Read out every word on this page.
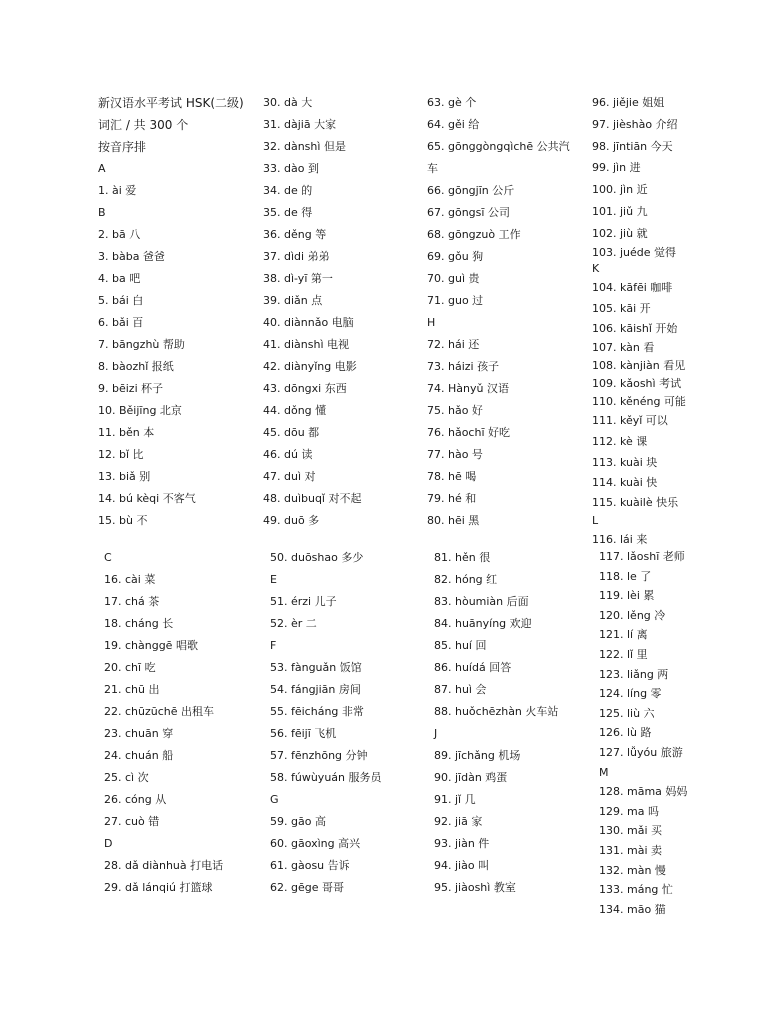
新汉语水平考试 HSK(二级)
词汇 / 共 300 个
按音序排
A
1. ài 爱
B
2. bā 八
3. bàba 爸爸
4. ba 吧
5. bái 白
6. bǎi 百
7. bāngzhù 帮助
8. bàozhǐ 报纸
9. bēizi 杯子
10. Běijīng 北京
11. běn 本
12. bǐ 比
13. biǎ 别
14. bú kèqi 不客气
15. bù 不
30. dà 大
31. dàjiā 大家
32. dànshì 但是
33. dào 到
34. de 的
35. de 得
36. děng 等
37. dìdi 弟弟
38. dì-yī 第一
39. diǎn 点
40. diànnǎo 电脑
41. diànshì 电视
42. diànyǐng 电影
43. dōngxi 东西
44. dǒng 懂
45. dōu 都
46. dú 读
47. duì 对
48. duìbuqǐ 对不起
49. duō 多
63. gè 个
64. gěi 给
65. gōnggòngqìchē 公共汽
车
66. gōngjīn 公斤
67. gōngsī 公司
68. gōngzuò 工作
69. gǒu 狗
70. guì 贵
71. guo 过
H
72. hái 还
73. háizi 孩子
74. Hànyǔ 汉语
75. hǎo 好
76. hǎochī 好吃
77. hào 号
78. hē 喝
79. hé 和
80. hēi 黑
96. jiějie 姐姐
97. jièshào 介绍
98. jīntiān 今天
99. jìn 进
100. jìn 近
101. jiǔ 九
102. jiù 就
103. juéde 觉得
K
104. kāfēi 咖啡
105. kāi 开
106. kāishǐ 开始
107. kàn 看
108. kànjiàn 看见
109. kǎoshì 考试
110. kěnéng 可能
111. kěyǐ 可以
112. kè 课
113. kuài 块
114. kuài 快
115. kuàilè 快乐
L
116. lái 来
C
16. cài 菜
17. chá 茶
18. cháng 长
19. chànggē 唱歌
20. chī 吃
21. chū 出
22. chūzūchē 出租车
23. chuān 穿
24. chuán 船
25. cì 次
26. cóng 从
27. cuò 错
D
28. dǎ diànhuà 打电话
29. dǎ lánqiú 打篮球
50. duōshao 多少
E
51. érzi 儿子
52. èr 二
F
53. fànguǎn 饭馆
54. fángjiān 房间
55. fēicháng 非常
56. fēijī 飞机
57. fēnzhōng 分钟
58. fúwùyuán 服务员
G
59. gāo 高
60. gāoxìng 高兴
61. gàosu 告诉
62. gēge 哥哥
81. hěn 很
82. hóng 红
83. hòumiàn 后面
84. huānyíng 欢迎
85. huí 回
86. huídá 回答
87. huì 会
88. huǒchēzhàn 火车站
J
89. jīchǎng 机场
90. jīdàn 鸡蛋
91. jǐ 几
92. jiā 家
93. jiàn 件
94. jiào 叫
95. jiàoshì 教室
117. lǎoshī 老师
118. le 了
119. lèi 累
120. lěng 冷
121. lí 离
122. lǐ 里
123. liǎng 两
124. líng 零
125. liù 六
126. lù 路
127. lǚyóu 旅游
M
128. māma 妈妈
129. ma 吗
130. mǎi 买
131. mài 卖
132. màn 慢
133. máng 忙
134. māo 猫
